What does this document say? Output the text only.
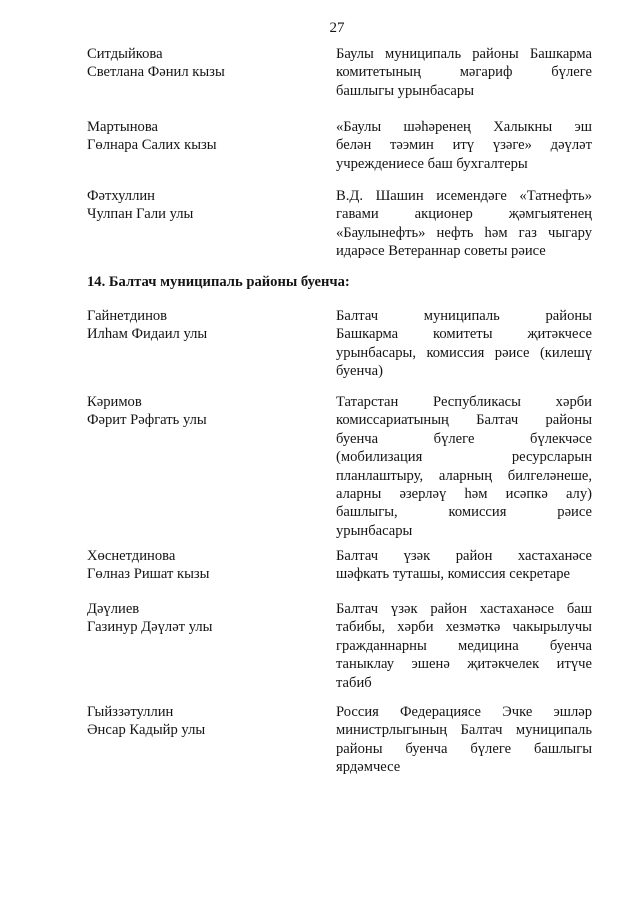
27
Ситдыйкова
Светлана Фәнил кызы
Баулы муниципаль районы Башкарма
комитетының мәгариф бүлеге
башлыгы урынбасары
Мартынова
Гөлнара Салих кызы
«Баулы шәһәренең Халыкны эш
белән тәэмин итү үзәге» дәүләт
учреждениесе баш бухгалтеры
Фәтхуллин
Чулпан Гали улы
В.Д. Шашин исемендәге «Татнефть»
гавами акционер җәмгыятенең
«Баулынефть» нефть һәм газ чыгару
идарәсе Ветераннар советы рәисе
14. Балтач муниципаль районы буенча:
Гайнетдинов
Илһам Фидаил улы
Балтач муниципаль районы
Башкарма комитеты җитәкчесе
урынбасары, комиссия рәисе (килешү
буенча)
Кәримов
Фәрит Рәфгать улы
Татарстан Республикасы хәрби
комиссариатының Балтач районы
буенча бүлеге бүлекчәсе
(мобилизация ресурсларын
планлаштыру, аларның билгеләнеше,
аларны әзерләү һәм исәпкә алу)
башлыгы, комиссия рәисе
урынбасары
Хөснетдинова
Гөлназ Ришат кызы
Балтач үзәк район хастаханәсе
шәфкать туташы, комиссия секретаре
Дәүлиев
Газинур Дәүләт улы
Балтач үзәк район хастаханәсе баш
табибы, хәрби хезмәткә чакырылучы
гражданнарны медицина буенча
таныклау эшенә җитәкчелек итүче
табиб
Гыйззәтуллин
Әнсар Кадыйр улы
Россия Федерациясе Эчке эшләр
министрлыгының Балтач муниципаль
районы буенча бүлеге башлыгы
ярдәмчесе
